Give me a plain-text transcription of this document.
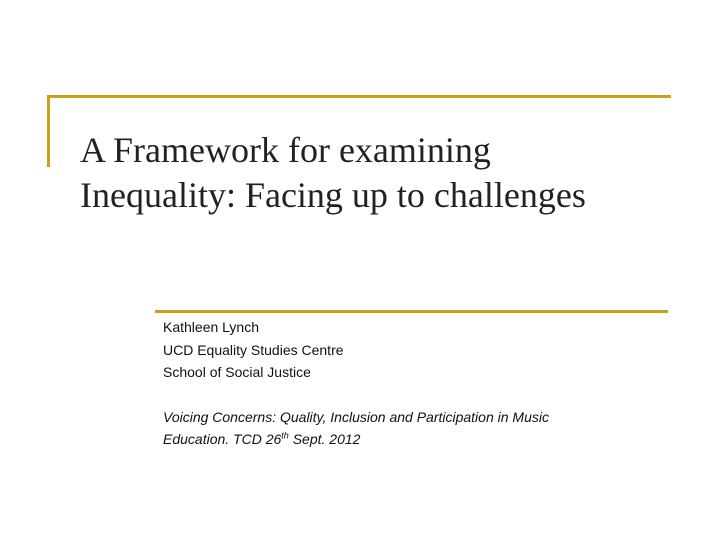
A Framework for examining
Inequality: Facing up to challenges
Kathleen Lynch
UCD Equality Studies Centre
School of Social Justice
Voicing Concerns: Quality, Inclusion and Participation in Music
Education. TCD 26th Sept. 2012
